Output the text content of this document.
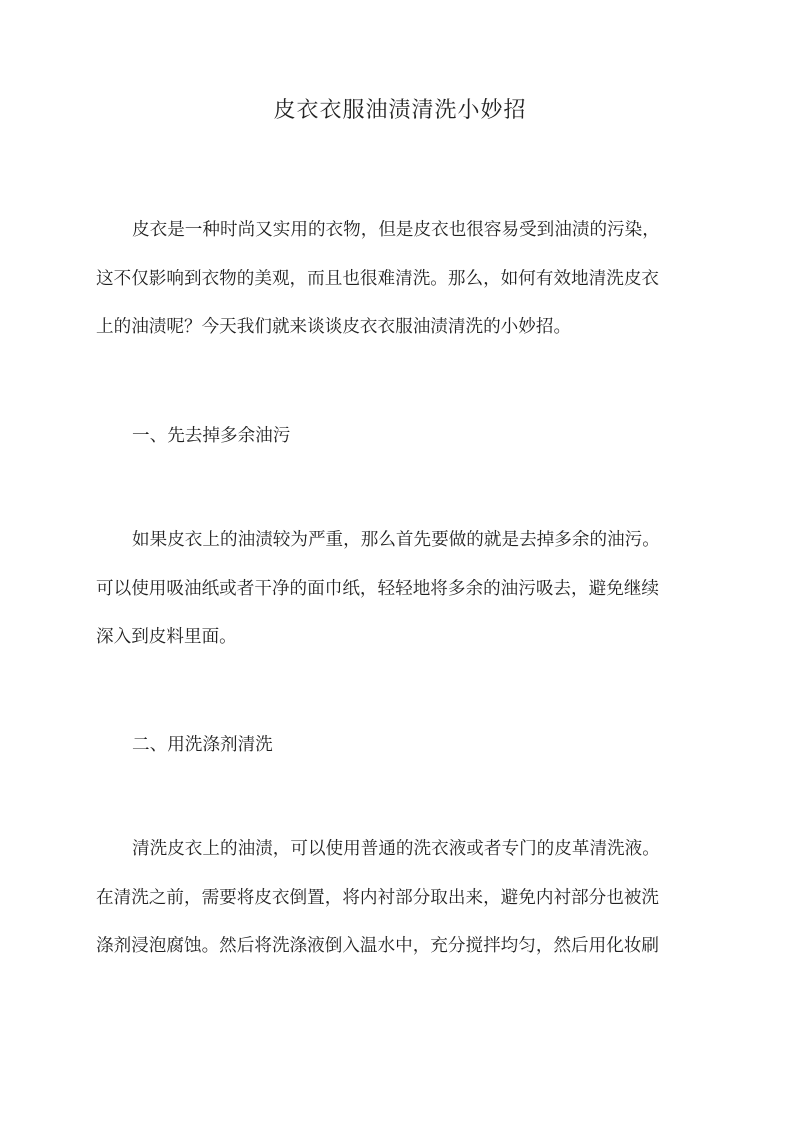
皮衣衣服油渍清洗小妙招

皮衣是一种时尚又实用的衣物，但是皮衣也很容易受到油渍的污染，
这不仅影响到衣物的美观，而且也很难清洗。那么，如何有效地清洗皮衣
上的油渍呢？今天我们就来谈谈皮衣衣服油渍清洗的小妙招。

一、先去掉多余油污

如果皮衣上的油渍较为严重，那么首先要做的就是去掉多余的油污。
可以使用吸油纸或者干净的面巾纸，轻轻地将多余的油污吸去，避免继续
深入到皮料里面。

二、用洗涤剂清洗

清洗皮衣上的油渍，可以使用普通的洗衣液或者专门的皮革清洗液。
在清洗之前，需要将皮衣倒置，将内衬部分取出来，避免内衬部分也被洗
涤剂浸泡腐蚀。然后将洗涤液倒入温水中，充分搅拌均匀，然后用化妆刷
